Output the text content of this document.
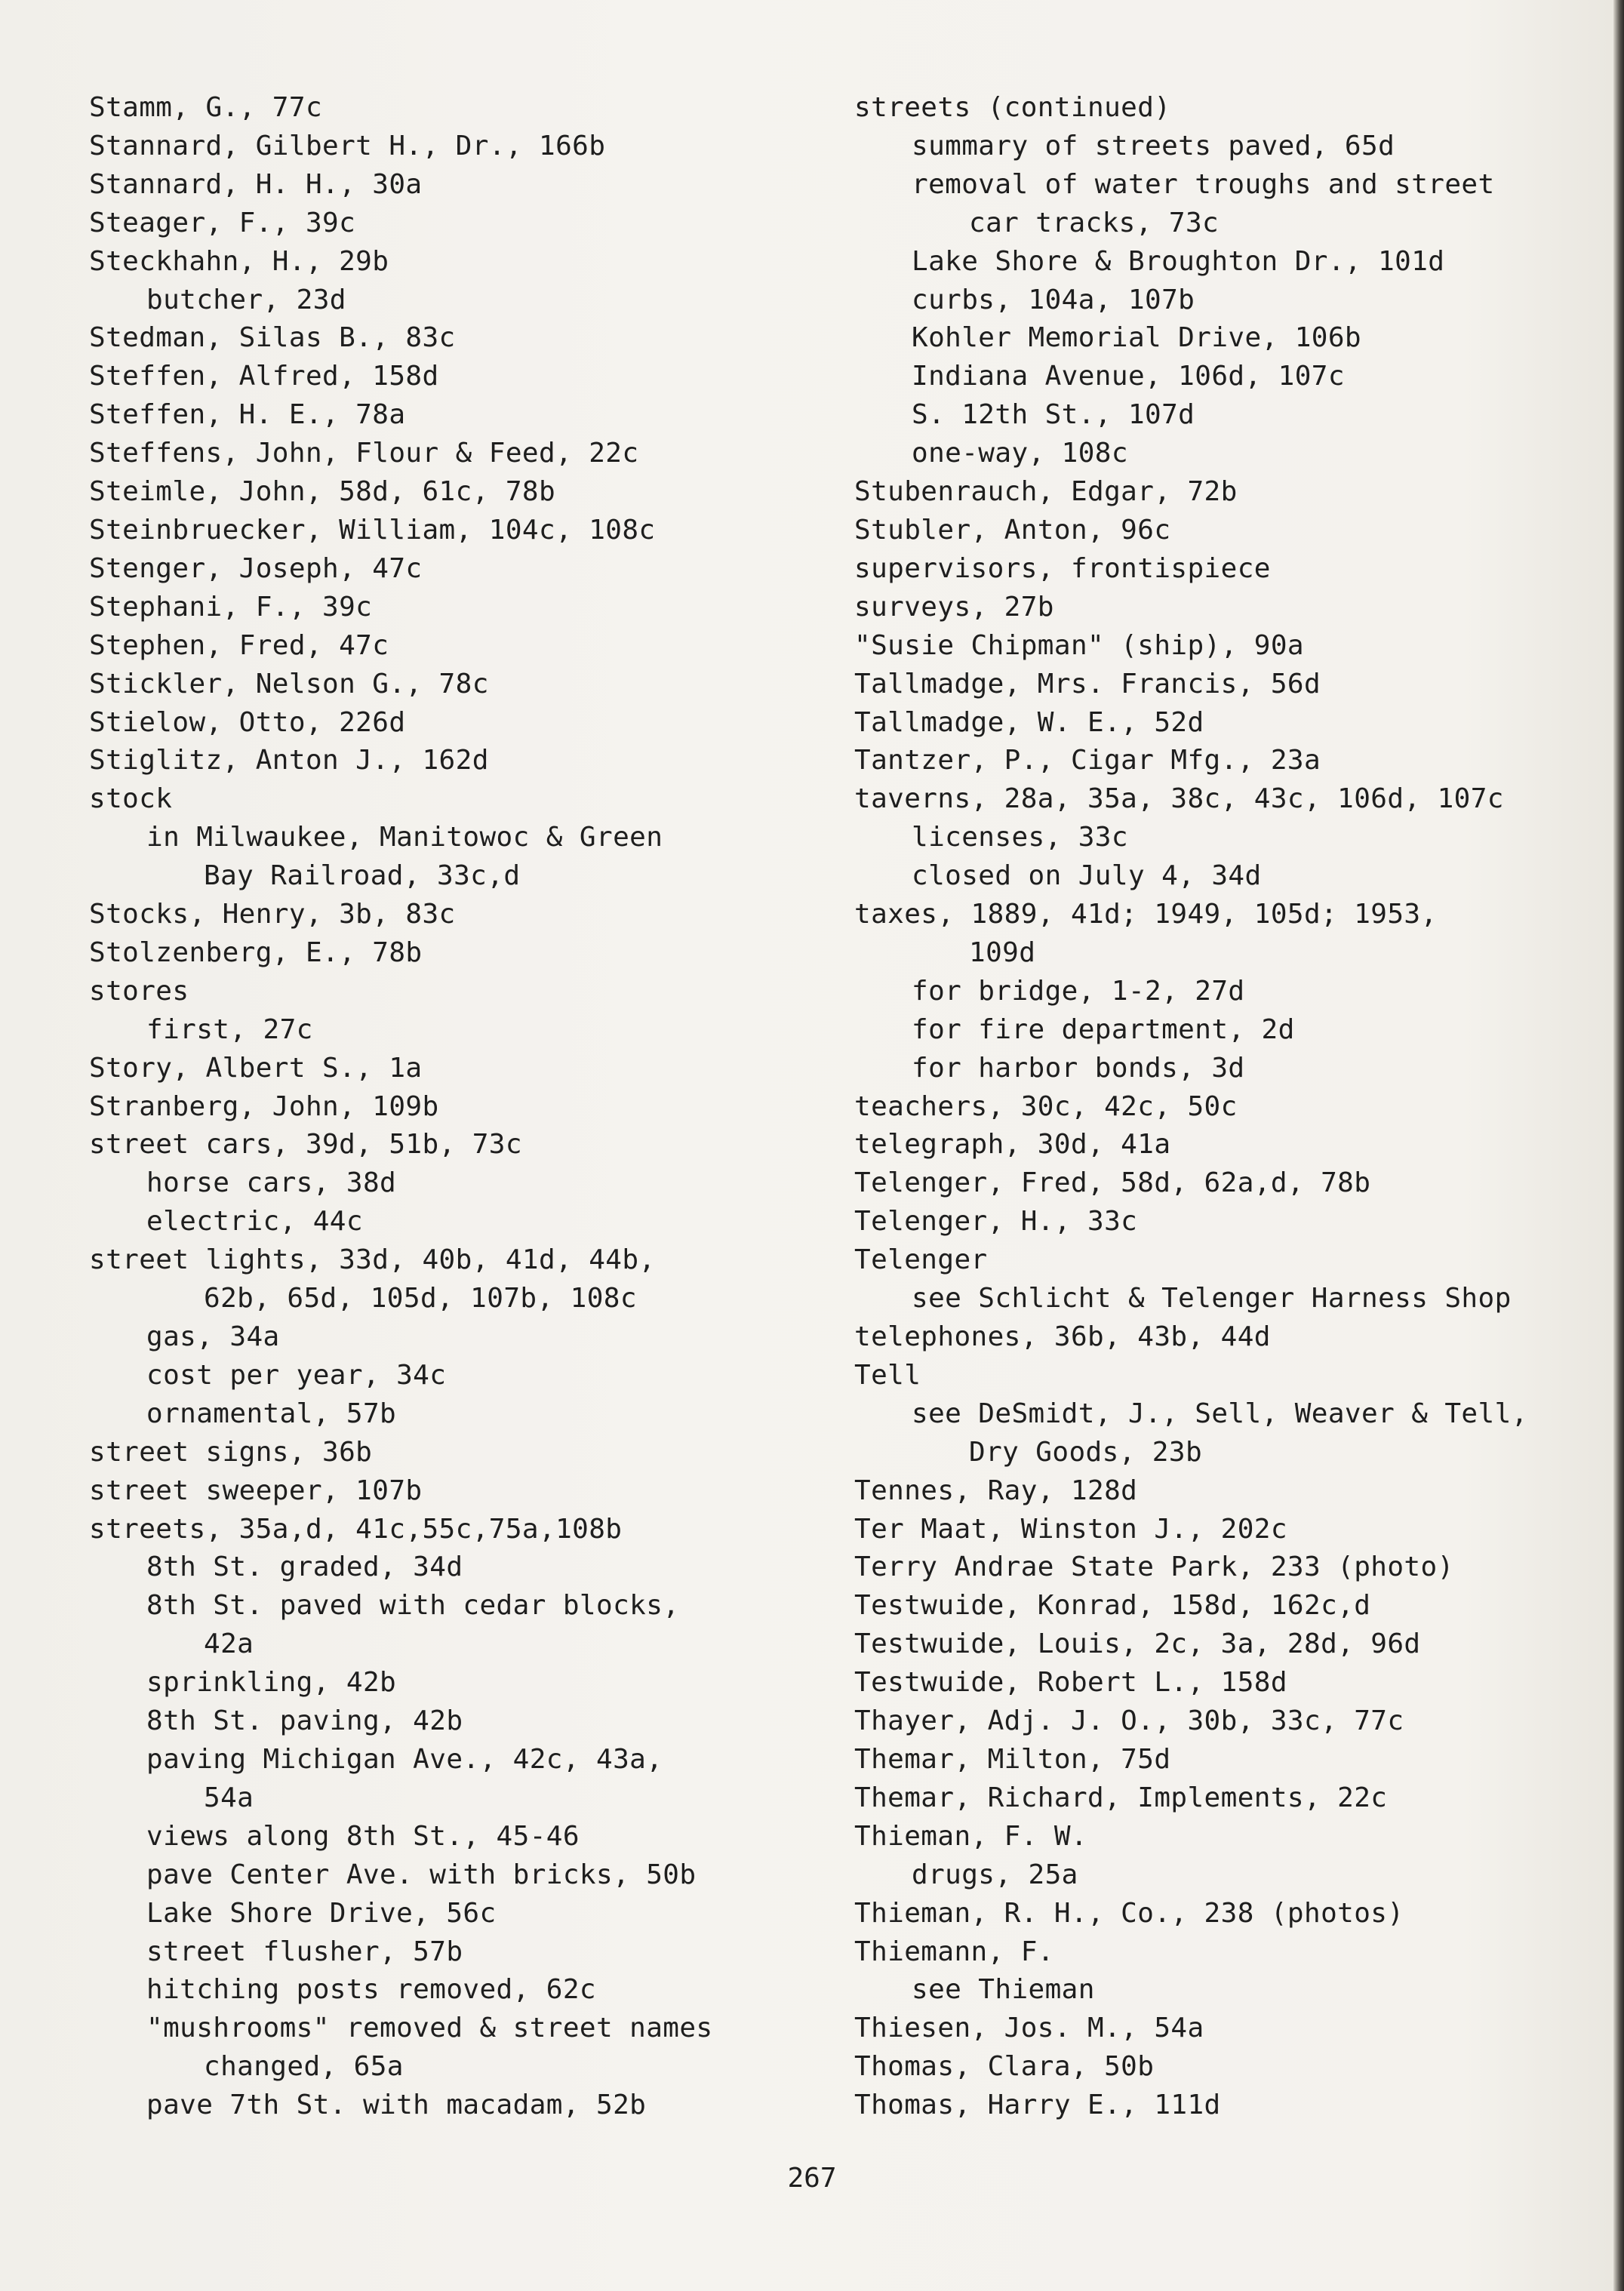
Stamm, G., 77c
Stannard, Gilbert H., Dr., 166b
Stannard, H. H., 30a
Steager, F., 39c
Steckhahn, H., 29b
butcher, 23d
Stedman, Silas B., 83c
Steffen, Alfred, 158d
Steffen, H. E., 78a
Steffens, John, Flour & Feed, 22c
Steimle, John, 58d, 61c, 78b
Steinbruecker, William, 104c, 108c
Stenger, Joseph, 47c
Stephani, F., 39c
Stephen, Fred, 47c
Stickler, Nelson G., 78c
Stielow, Otto, 226d
Stiglitz, Anton J., 162d
stock
in Milwaukee, Manitowoc & Green
Bay Railroad, 33c,d
Stocks, Henry, 3b, 83c
Stolzenberg, E., 78b
stores
first, 27c
Story, Albert S., 1a
Stranberg, John, 109b
street cars, 39d, 51b, 73c
horse cars, 38d
electric, 44c
street lights, 33d, 40b, 41d, 44b,
62b, 65d, 105d, 107b, 108c
gas, 34a
cost per year, 34c
ornamental, 57b
street signs, 36b
street sweeper, 107b
streets, 35a,d, 41c,55c,75a,108b
8th St. graded, 34d
8th St. paved with cedar blocks,
42a
sprinkling, 42b
8th St. paving, 42b
paving Michigan Ave., 42c, 43a,
54a
views along 8th St., 45-46
pave Center Ave. with bricks, 50b
Lake Shore Drive, 56c
street flusher, 57b
hitching posts removed, 62c
"mushrooms" removed & street names
changed, 65a
pave 7th St. with macadam, 52b
streets (continued)
summary of streets paved, 65d
removal of water troughs and street
car tracks, 73c
Lake Shore & Broughton Dr., 101d
curbs, 104a, 107b
Kohler Memorial Drive, 106b
Indiana Avenue, 106d, 107c
S. 12th St., 107d
one-way, 108c
Stubenrauch, Edgar, 72b
Stubler, Anton, 96c
supervisors, frontispiece
surveys, 27b
"Susie Chipman" (ship), 90a
Tallmadge, Mrs. Francis, 56d
Tallmadge, W. E., 52d
Tantzer, P., Cigar Mfg., 23a
taverns, 28a, 35a, 38c, 43c, 106d, 107c
licenses, 33c
closed on July 4, 34d
taxes, 1889, 41d; 1949, 105d; 1953,
109d
for bridge, 1-2, 27d
for fire department, 2d
for harbor bonds, 3d
teachers, 30c, 42c, 50c
telegraph, 30d, 41a
Telenger, Fred, 58d, 62a,d, 78b
Telenger, H., 33c
Telenger
see Schlicht & Telenger Harness Shop
telephones, 36b, 43b, 44d
Tell
see DeSmidt, J., Sell, Weaver & Tell,
Dry Goods, 23b
Tennes, Ray, 128d
Ter Maat, Winston J., 202c
Terry Andrae State Park, 233 (photo)
Testwuide, Konrad, 158d, 162c,d
Testwuide, Louis, 2c, 3a, 28d, 96d
Testwuide, Robert L., 158d
Thayer, Adj. J. O., 30b, 33c, 77c
Themar, Milton, 75d
Themar, Richard, Implements, 22c
Thieman, F. W.
drugs, 25a
Thieman, R. H., Co., 238 (photos)
Thiemann, F.
see Thieman
Thiesen, Jos. M., 54a
Thomas, Clara, 50b
Thomas, Harry E., 111d
267
